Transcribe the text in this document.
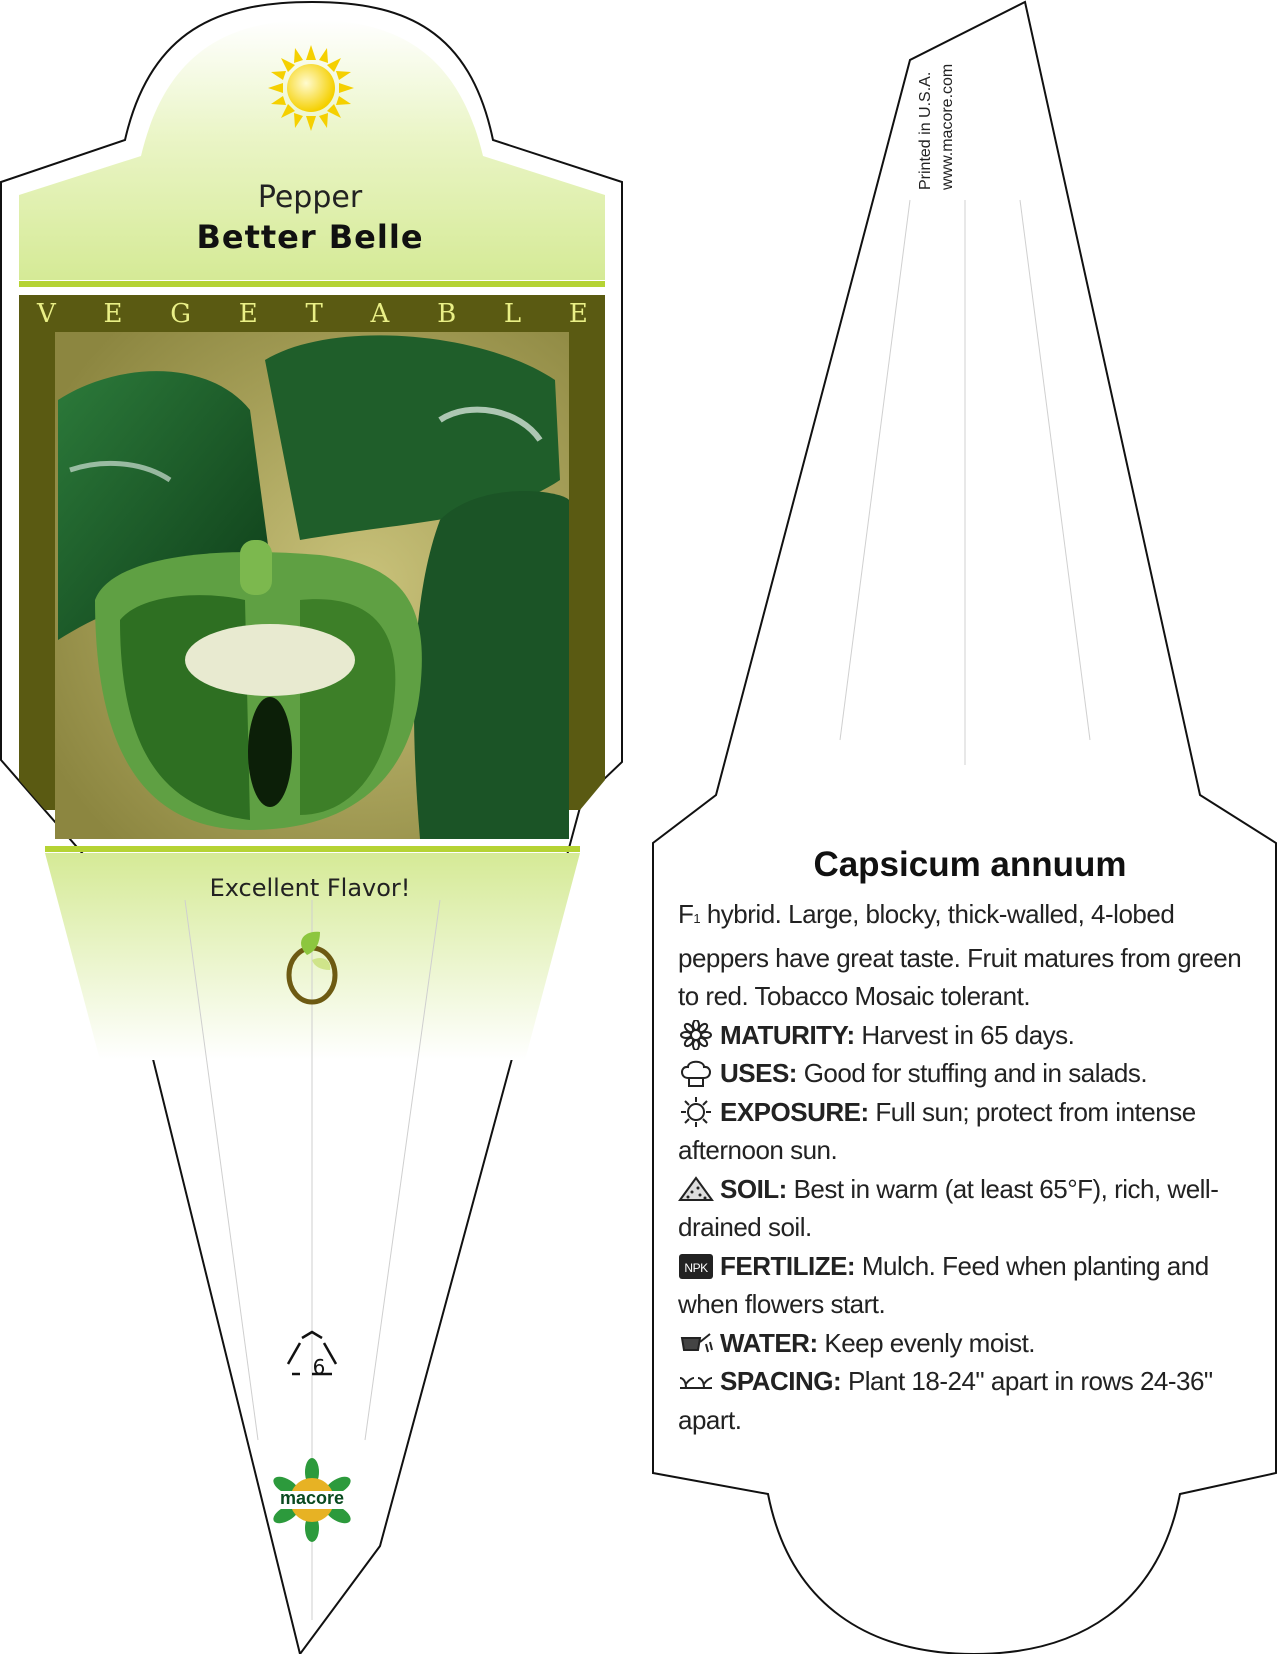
Pepper
Better Belle
V E G E T A B L E
Excellent Flavor!
6
macore
Printed in U.S.A. www.macore.com
Capsicum annuum

F1 hybrid. Large, blocky, thick-walled, 4-lobed peppers have great taste. Fruit matures from green to red. Tobacco Mosaic tolerant.

MATURITY: Harvest in 65 days.

USES: Good for stuffing and in salads.

EXPOSURE: Full sun; protect from intense afternoon sun.

SOIL: Best in warm (at least 65°F), rich, well-drained soil.

NPK FERTILIZE: Mulch. Feed when planting and when flowers start.

WATER: Keep evenly moist.

SPACING: Plant 18-24" apart in rows 24-36" apart.
